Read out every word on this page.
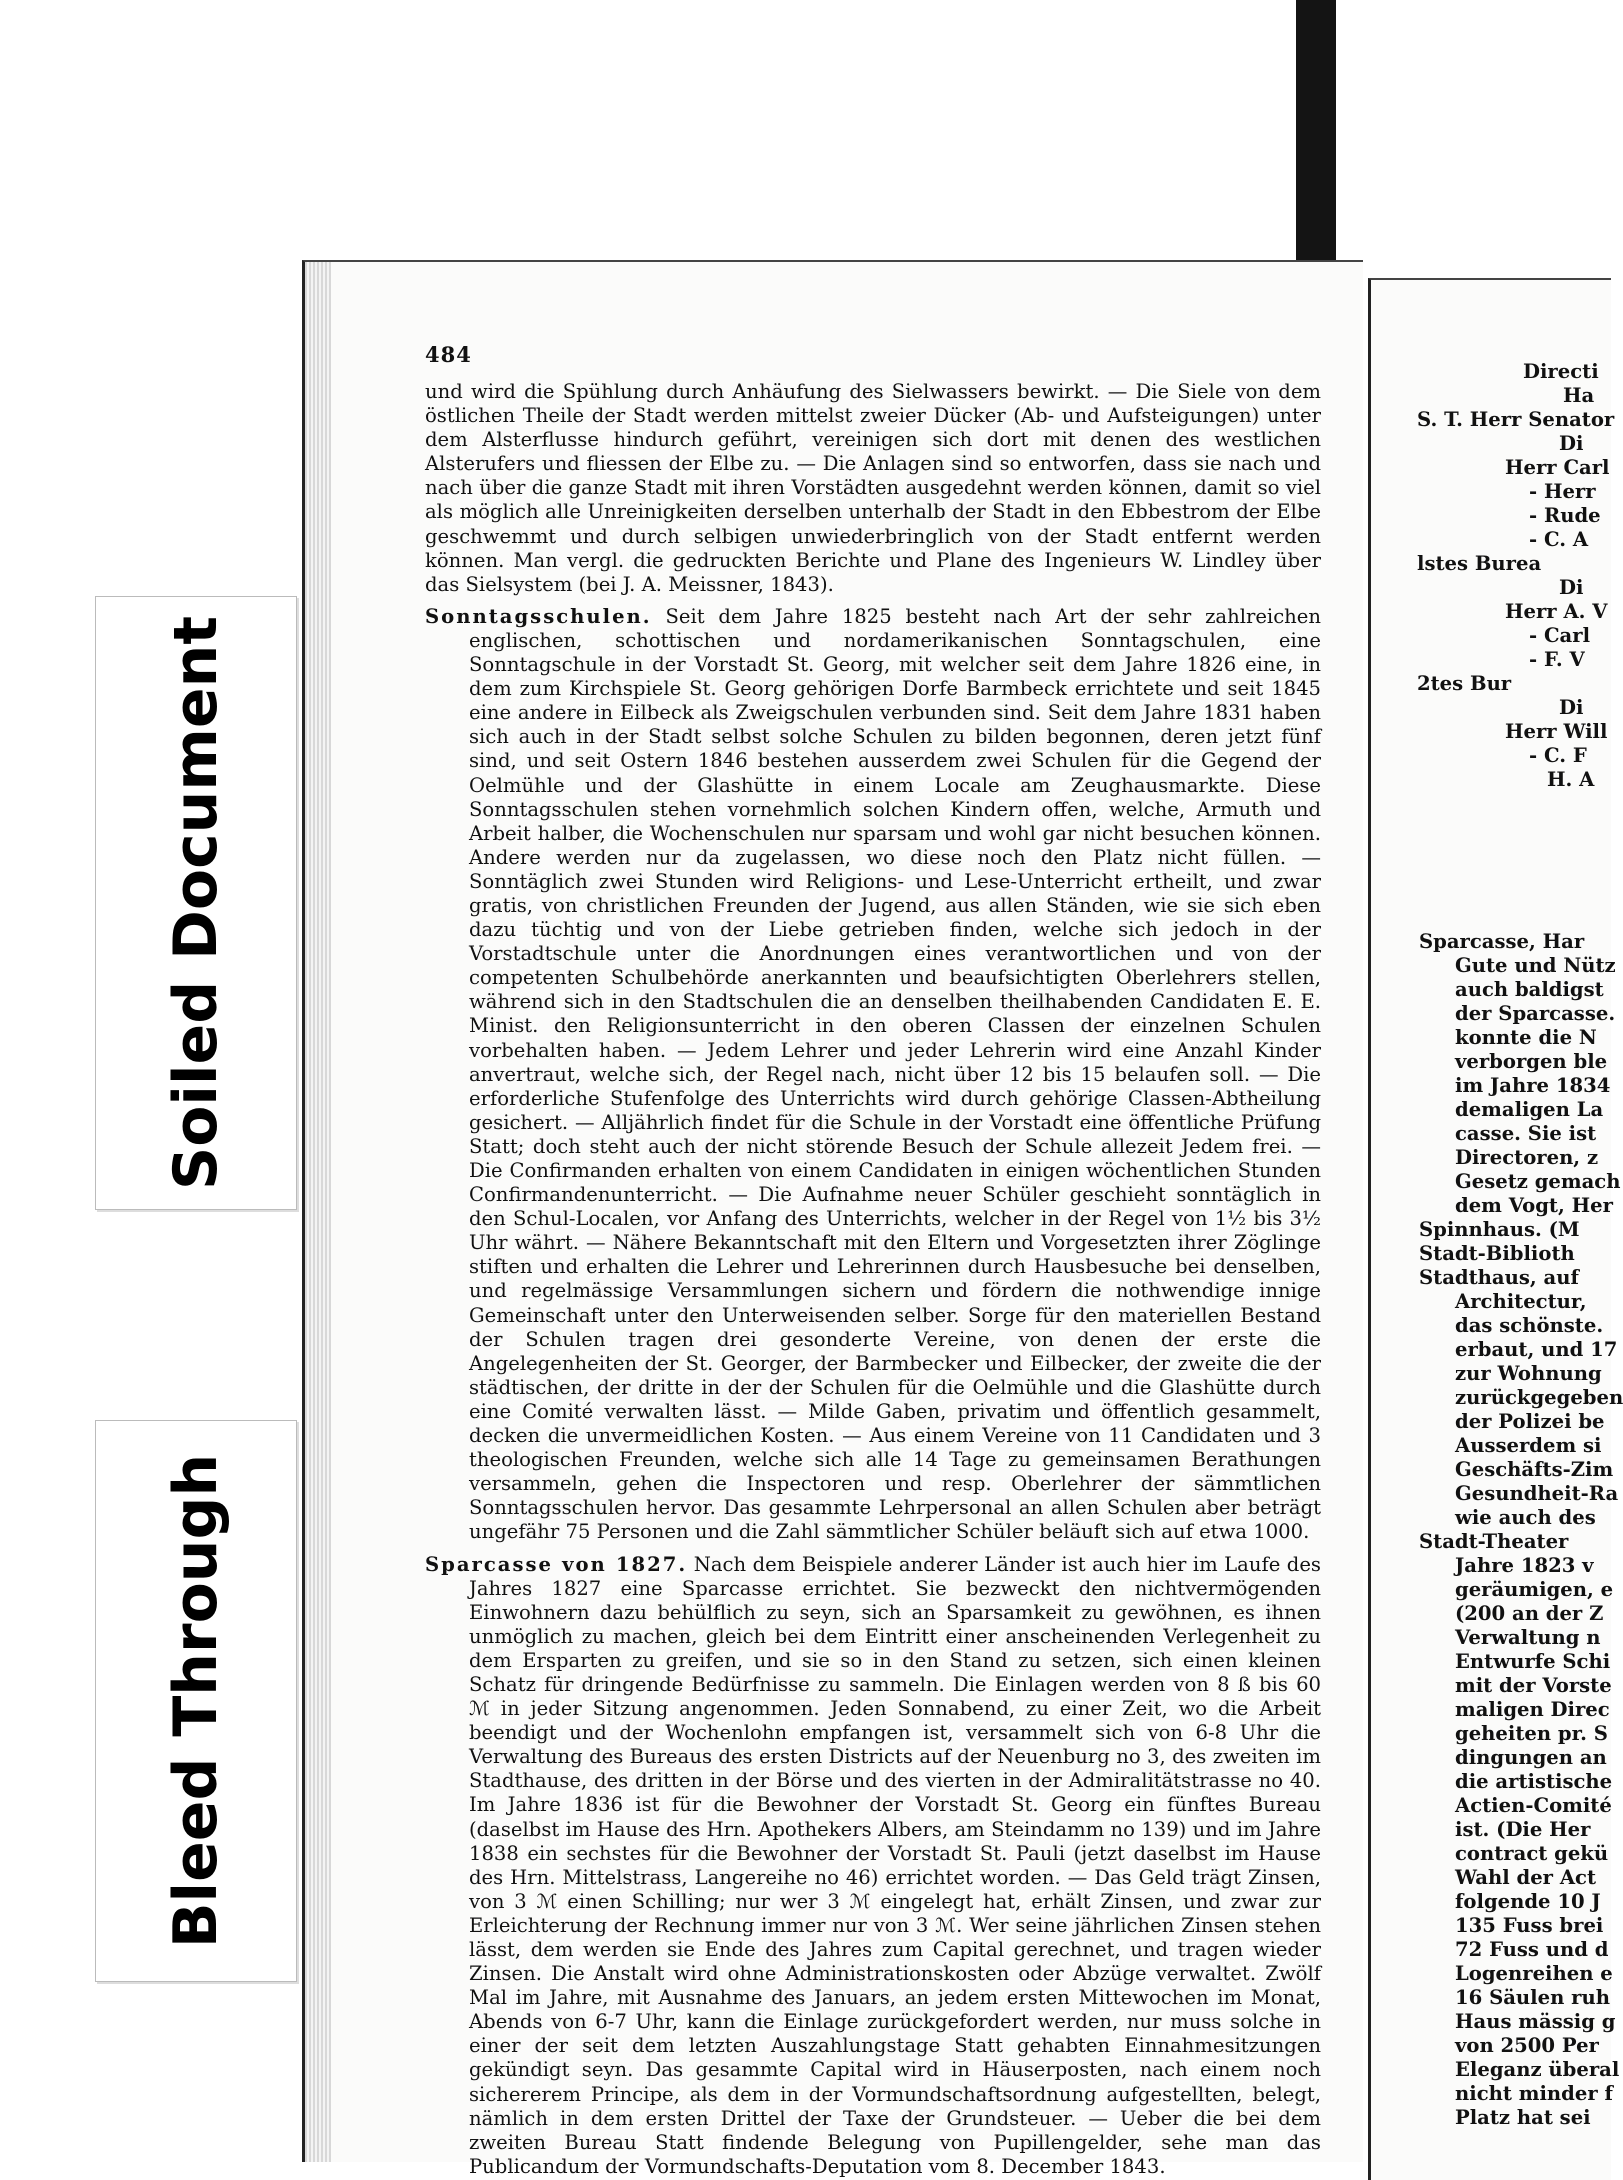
484

und wird die Spühlung durch Anhäufung des Sielwassers bewirkt. — Die Siele von dem östlichen Theile der Stadt werden mittelst zweier Dücker (Ab- und Aufsteigungen) unter dem Alsterflusse hindurch geführt, vereinigen sich dort mit denen des westlichen Alsterufers und fliessen der Elbe zu. — Die Anlagen sind so entworfen, dass sie nach und nach über die ganze Stadt mit ihren Vorstädten ausgedehnt werden können, damit so viel als möglich alle Unreinigkeiten derselben unterhalb der Stadt in den Ebbestrom der Elbe geschwemmt und durch selbigen unwiederbringlich von der Stadt entfernt werden können. Man vergl. die gedruckten Berichte und Plane des Ingenieurs W. Lindley über das Sielsystem (bei J. A. Meissner, 1843).

Sonntagsschulen. Seit dem Jahre 1825 besteht nach Art der sehr zahlreichen englischen, schottischen und nordamerikanischen Sonntagschulen, eine Sonntagschule in der Vorstadt St. Georg, mit welcher seit dem Jahre 1826 eine, in dem zum Kirchspiele St. Georg gehörigen Dorfe Barmbeck errichtete und seit 1845 eine andere in Eilbeck als Zweigschulen verbunden sind. Seit dem Jahre 1831 haben sich auch in der Stadt selbst solche Schulen zu bilden begonnen, deren jetzt fünf sind, und seit Ostern 1846 bestehen ausserdem zwei Schulen für die Gegend der Oelmühle und der Glashütte in einem Locale am Zeughausmarkte. Diese Sonntagsschulen stehen vornehmlich solchen Kindern offen, welche, Armuth und Arbeit halber, die Wochenschulen nur sparsam und wohl gar nicht besuchen können. Andere werden nur da zugelassen, wo diese noch den Platz nicht füllen. — Sonntäglich zwei Stunden wird Religions- und Lese-Unterricht ertheilt, und zwar gratis, von christlichen Freunden der Jugend, aus allen Ständen, wie sie sich eben dazu tüchtig und von der Liebe getrieben finden, welche sich jedoch in der Vorstadtschule unter die Anordnungen eines verantwortlichen und von der competenten Schulbehörde anerkannten und beaufsichtigten Oberlehrers stellen, während sich in den Stadtschulen die an denselben theilhabenden Candidaten E. E. Minist. den Religionsunterricht in den oberen Classen der einzelnen Schulen vorbehalten haben. — Jedem Lehrer und jeder Lehrerin wird eine Anzahl Kinder anvertraut, welche sich, der Regel nach, nicht über 12 bis 15 belaufen soll. — Die erforderliche Stufenfolge des Unterrichts wird durch gehörige Classen-Abtheilung gesichert. — Alljährlich findet für die Schule in der Vorstadt eine öffentliche Prüfung Statt; doch steht auch der nicht störende Besuch der Schule allezeit Jedem frei. — Die Confirmanden erhalten von einem Candidaten in einigen wöchentlichen Stunden Confirmandenunterricht. — Die Aufnahme neuer Schüler geschieht sonntäglich in den Schul-Localen, vor Anfang des Unterrichts, welcher in der Regel von 1½ bis 3½ Uhr währt. — Nähere Bekanntschaft mit den Eltern und Vorgesetzten ihrer Zöglinge stiften und erhalten die Lehrer und Lehrerinnen durch Hausbesuche bei denselben, und regelmässige Versammlungen sichern und fördern die nothwendige innige Gemeinschaft unter den Unterweisenden selber. Sorge für den materiellen Bestand der Schulen tragen drei gesonderte Vereine, von denen der erste die Angelegenheiten der St. Georger, der Barmbecker und Eilbecker, der zweite die der städtischen, der dritte in der der Schulen für die Oelmühle und die Glashütte durch eine Comité verwalten lässt. — Milde Gaben, privatim und öffentlich gesammelt, decken die unvermeidlichen Kosten. — Aus einem Vereine von 11 Candidaten und 3 theologischen Freunden, welche sich alle 14 Tage zu gemeinsamen Berathungen versammeln, gehen die Inspectoren und resp. Oberlehrer der sämmtlichen Sonntagsschulen hervor. Das gesammte Lehrpersonal an allen Schulen aber beträgt ungefähr 75 Personen und die Zahl sämmtlicher Schüler beläuft sich auf etwa 1000.

Sparcasse von 1827. Nach dem Beispiele anderer Länder ist auch hier im Laufe des Jahres 1827 eine Sparcasse errichtet. Sie bezweckt den nichtvermögenden Einwohnern dazu behülflich zu seyn, sich an Sparsamkeit zu gewöhnen, es ihnen unmöglich zu machen, gleich bei dem Eintritt einer anscheinenden Verlegenheit zu dem Ersparten zu greifen, und sie so in den Stand zu setzen, sich einen kleinen Schatz für dringende Bedürfnisse zu sammeln. Die Einlagen werden von 8 ß bis 60 ℳ in jeder Sitzung angenommen. Jeden Sonnabend, zu einer Zeit, wo die Arbeit beendigt und der Wochenlohn empfangen ist, versammelt sich von 6-8 Uhr die Verwaltung des Bureaus des ersten Districts auf der Neuenburg no 3, des zweiten im Stadthause, des dritten in der Börse und des vierten in der Admiralitätstrasse no 40. Im Jahre 1836 ist für die Bewohner der Vorstadt St. Georg ein fünftes Bureau (daselbst im Hause des Hrn. Apothekers Albers, am Steindamm no 139) und im Jahre 1838 ein sechstes für die Bewohner der Vorstadt St. Pauli (jetzt daselbst im Hause des Hrn. Mittelstrass, Langereihe no 46) errichtet worden. — Das Geld trägt Zinsen, von 3 ℳ einen Schilling; nur wer 3 ℳ eingelegt hat, erhält Zinsen, und zwar zur Erleichterung der Rechnung immer nur von 3 ℳ. Wer seine jährlichen Zinsen stehen lässt, dem werden sie Ende des Jahres zum Capital gerechnet, und tragen wieder Zinsen. Die Anstalt wird ohne Administrationskosten oder Abzüge verwaltet. Zwölf Mal im Jahre, mit Ausnahme des Januars, an jedem ersten Mittewochen im Monat, Abends von 6-7 Uhr, kann die Einlage zurückgefordert werden, nur muss solche in einer der seit dem letzten Auszahlungstage Statt gehabten Einnahmesitzungen gekündigt seyn. Das gesammte Capital wird in Häuserposten, nach einem noch sichererem Principe, als dem in der Vormundschaftsordnung aufgestellten, belegt, nämlich in dem ersten Drittel der Taxe der Grundsteuer. — Ueber die bei dem zweiten Bureau Statt findende Belegung von Pupillengelder, sehe man das Publicandum der Vormundschafts-Deputation vom 8. December 1843.

Directi
Ha
S. T. Herr Senator
Di
Herr Carl
- Herr
- Rude
- C. A
lstes Burea
Di
Herr A. V
- Carl
- F. V
2tes Bur
Di
Herr Will
- C. F
H. A
Sparcasse, Har
Gute und Nütz
auch baldigst
der Sparcasse.
konnte die N
verborgen ble
im Jahre 1834
demaligen La
casse. Sie ist
Directoren, z
Gesetz gemach
dem Vogt, Her
Spinnhaus. (M
Stadt-Biblioth
Stadthaus, auf
Architectur,
das schönste.
erbaut, und 17
zur Wohnung
zurückgegeben
der Polizei be
Ausserdem si
Geschäfts-Zim
Gesundheit-Ra
wie auch des
Stadt-Theater
Jahre 1823 v
geräumigen, e
(200 an der Z
Verwaltung n
Entwurfe Schi
mit der Vorste
maligen Direc
geheiten pr. S
dingungen an
die artistische
Actien-Comité
ist. (Die Her
contract gekü
Wahl der Act
folgende 10 J
135 Fuss brei
72 Fuss und d
Logenreihen e
16 Säulen ruh
Haus mässig g
von 2500 Per
Eleganz überal
nicht minder f
Platz hat sei
Soiled Document
Bleed Through
